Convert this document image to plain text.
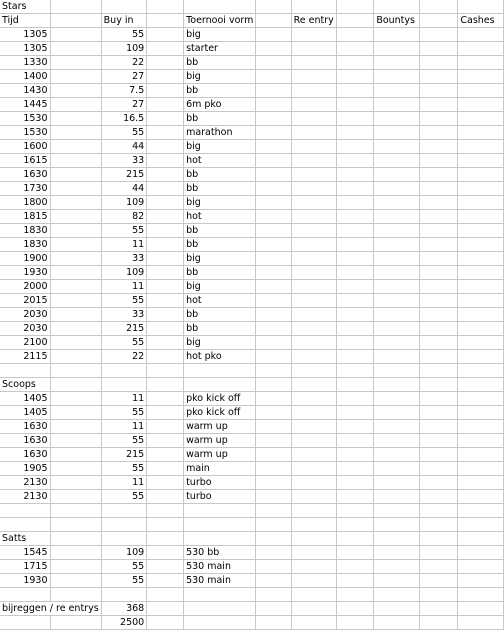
Stars										
Tijd		Buy in		Toernooi vorm		Re entry		Bountys		Cashes
1305		55		big						
1305		109		starter						
1330		22		bb						
1400		27		big						
1430		7.5		bb						
1445		27		6m pko						
1530		16.5		bb						
1530		55		marathon						
1600		44		big						
1615		33		hot						
1630		215		bb						
1730		44		bb						
1800		109		big						
1815		82		hot						
1830		55		bb						
1830		11		bb						
1900		33		big						
1930		109		bb						
2000		11		big						
2015		55		hot						
2030		33		bb						
2030		215		bb						
2100		55		big						
2115		22		hot pko						

Scoops										
1405		11		pko kick off						
1405		55		pko kick off						
1630		11		warm up						
1630		55		warm up						
1630		215		warm up						
1905		55		main						
2130		11		turbo						
2130		55		turbo						

Satts										
1545		109		530 bb						
1715		55		530 main						
1930		55		530 main						

bijreggen / re entrys		368								
		2500								
